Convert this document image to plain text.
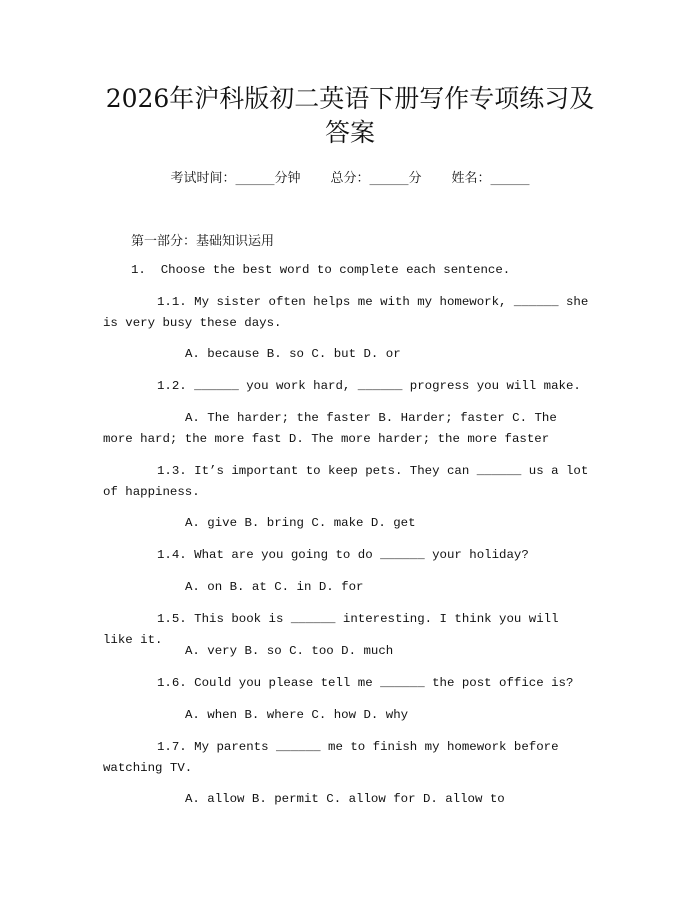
2026年沪科版初二英语下册写作专项练习及答案
考试时间：______分钟 总分：______分 姓名：______
第一部分：基础知识运用
1.  Choose the best word to complete each sentence.
1.1. My sister often helps me with my homework, ______ she is very busy these days.
A. because B. so C. but D. or
1.2. ______ you work hard, ______ progress you will make.
A. The harder; the faster B. Harder; faster C. The more hard; the more fast D. The more harder; the more faster
1.3. It’s important to keep pets. They can ______ us a lot of happiness.
A. give B. bring C. make D. get
1.4. What are you going to do ______ your holiday?
A. on B. at C. in D. for
1.5. This book is ______ interesting. I think you will like it.
A. very B. so C. too D. much
1.6. Could you please tell me ______ the post office is?
A. when B. where C. how D. why
1.7. My parents ______ me to finish my homework before watching TV.
A. allow B. permit C. allow for D. allow to
